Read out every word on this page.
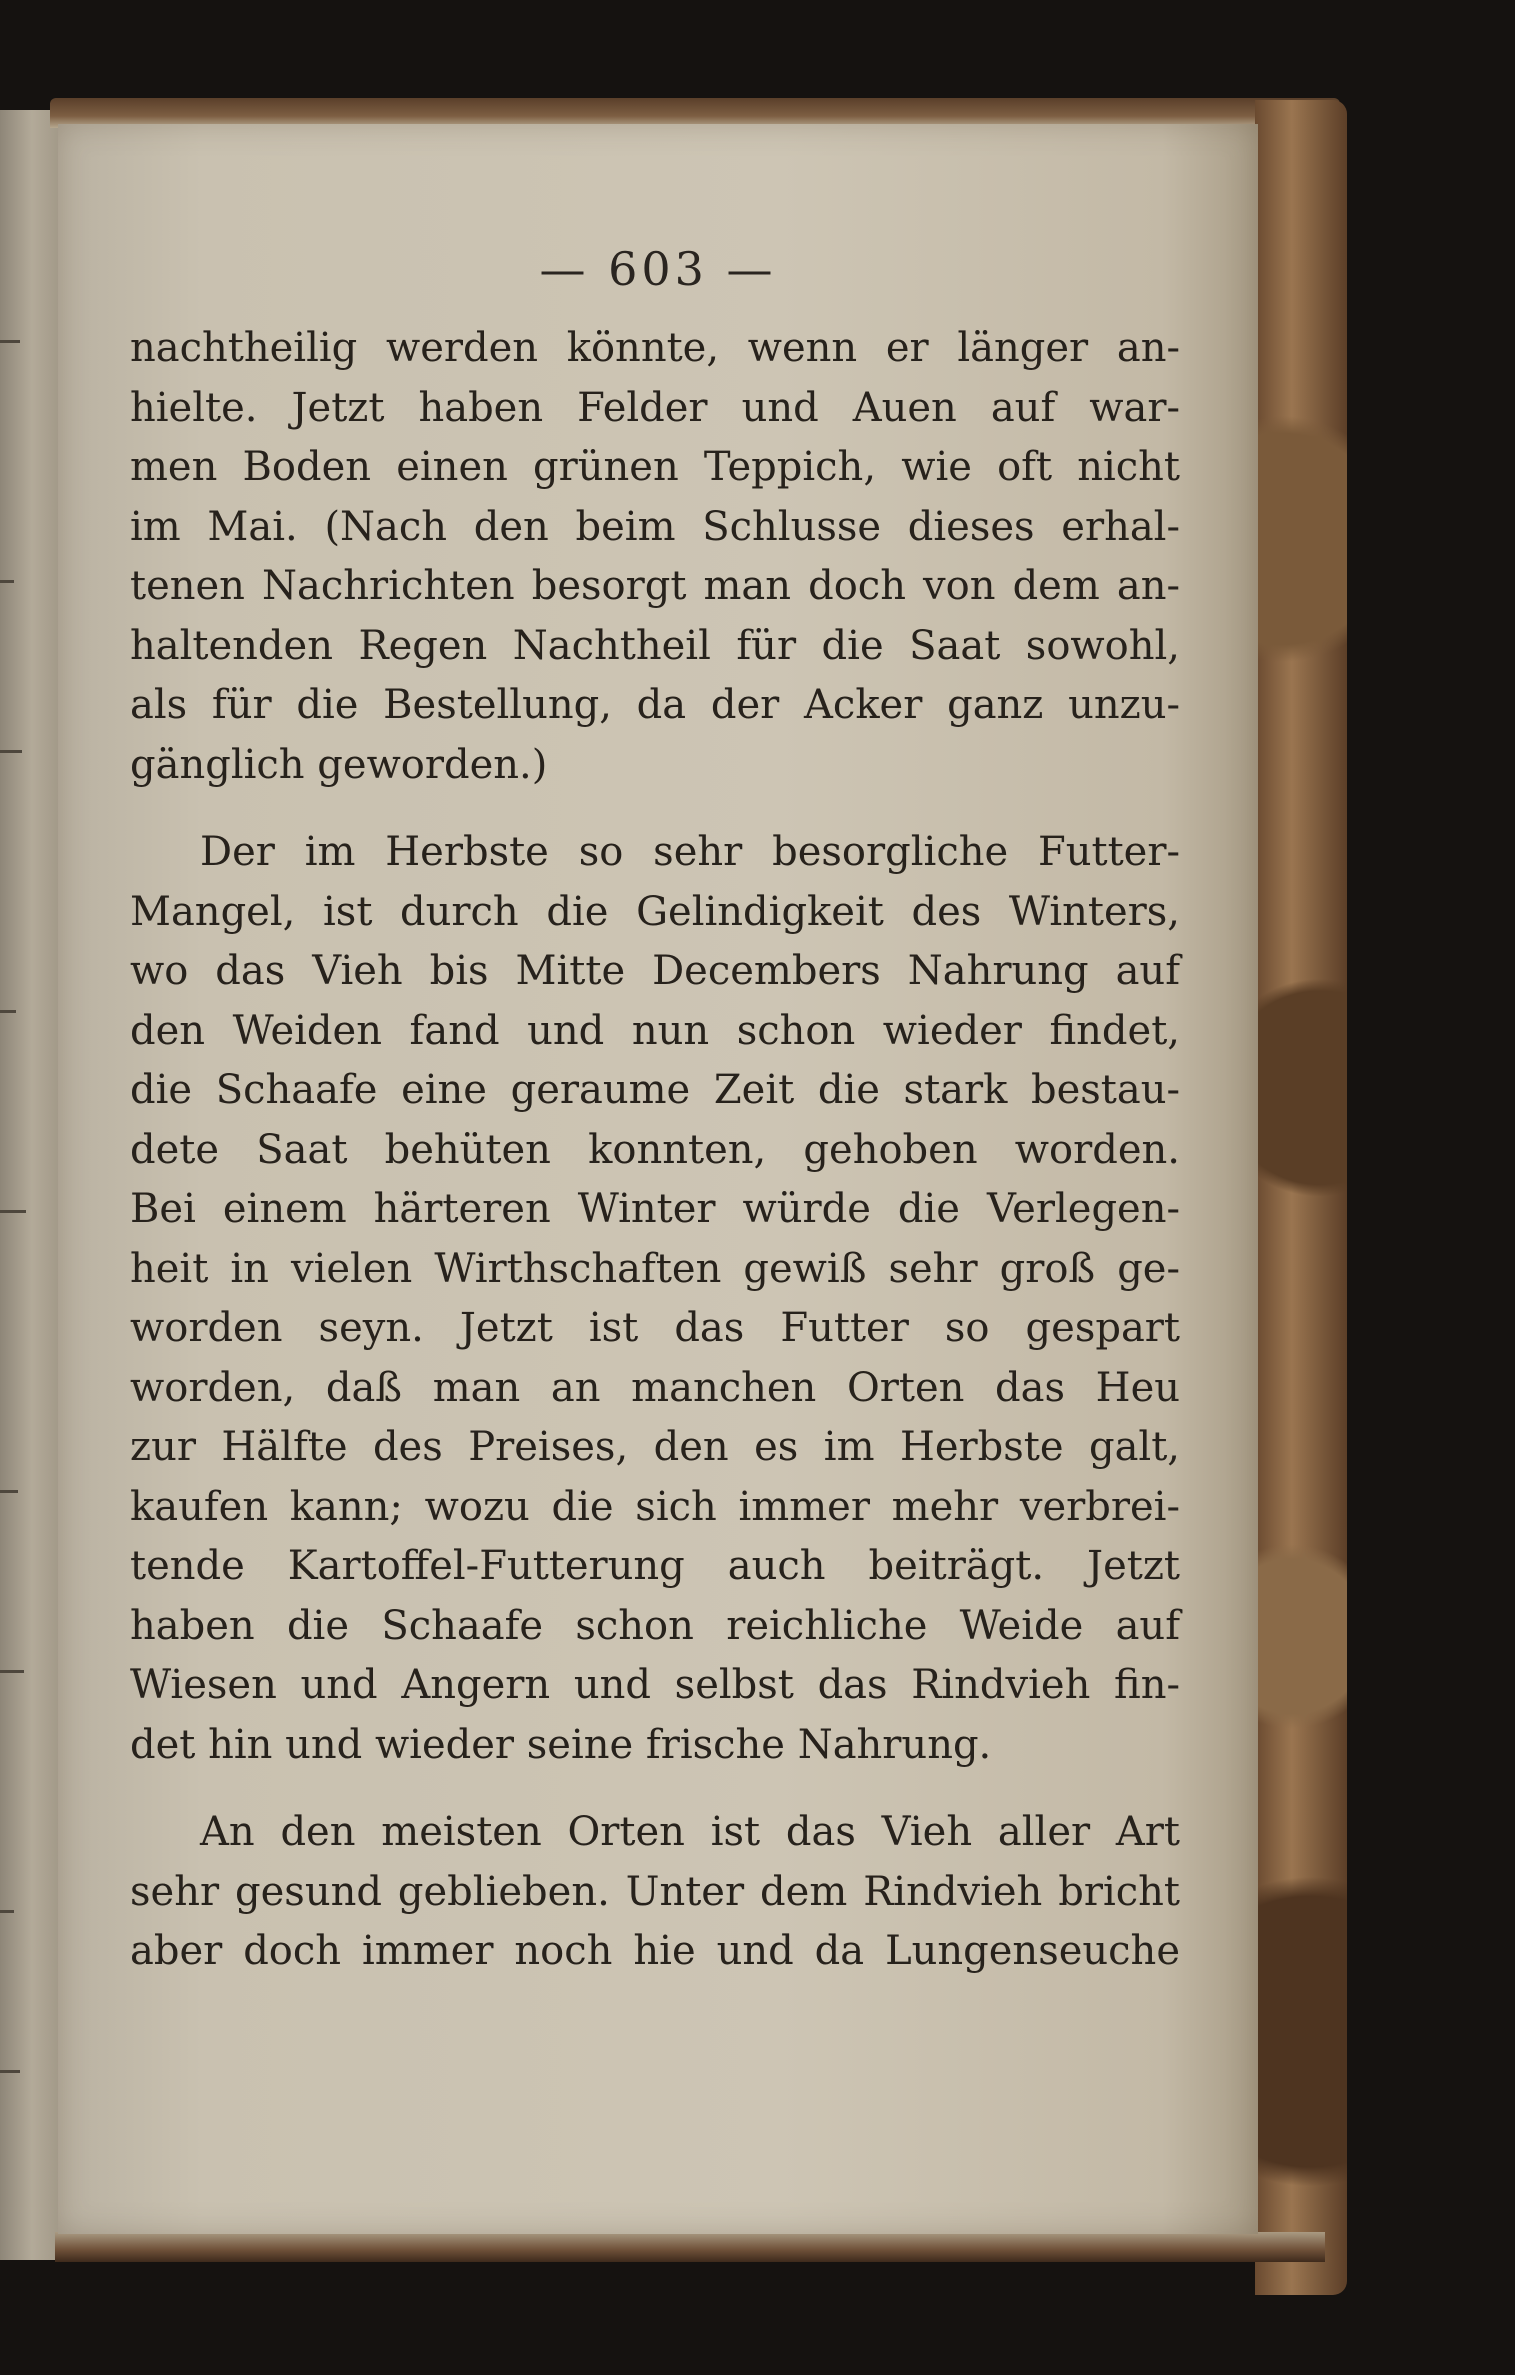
— 603 —
nachtheilig werden könnte, wenn er länger an-
hielte. Jetzt haben Felder und Auen auf war-
men Boden einen grünen Teppich, wie oft nicht
im Mai. (Nach den beim Schlusse dieses erhal-
tenen Nachrichten besorgt man doch von dem an-
haltenden Regen Nachtheil für die Saat sowohl,
als für die Bestellung, da der Acker ganz unzu-
gänglich geworden.)
Der im Herbste so sehr besorgliche Futter-
Mangel, ist durch die Gelindigkeit des Winters,
wo das Vieh bis Mitte Decembers Nahrung auf
den Weiden fand und nun schon wieder findet,
die Schaafe eine geraume Zeit die stark bestau-
dete Saat behüten konnten, gehoben worden.
Bei einem härteren Winter würde die Verlegen-
heit in vielen Wirthschaften gewiß sehr groß ge-
worden seyn. Jetzt ist das Futter so gespart
worden, daß man an manchen Orten das Heu
zur Hälfte des Preises, den es im Herbste galt,
kaufen kann; wozu die sich immer mehr verbrei-
tende Kartoffel-Futterung auch beiträgt. Jetzt
haben die Schaafe schon reichliche Weide auf
Wiesen und Angern und selbst das Rindvieh fin-
det hin und wieder seine frische Nahrung.
An den meisten Orten ist das Vieh aller Art
sehr gesund geblieben. Unter dem Rindvieh bricht
aber doch immer noch hie und da Lungenseuche
